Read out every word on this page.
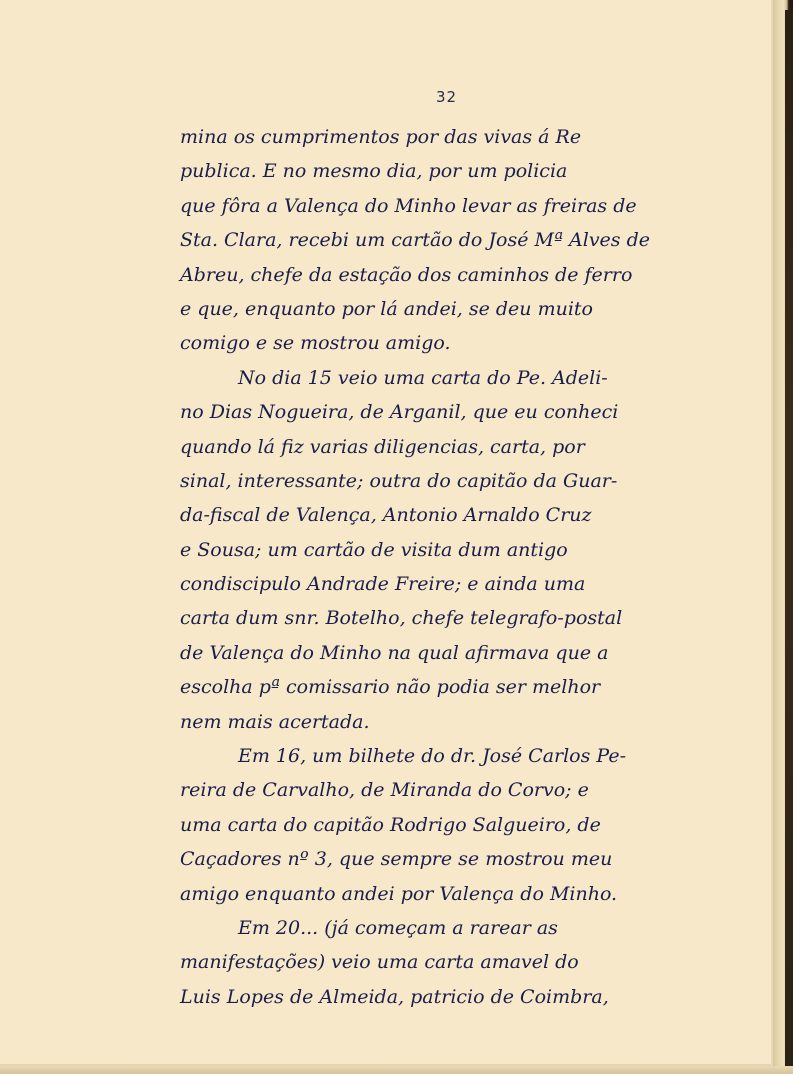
32
mina os cumprimentos por das vivas á Re
publica. E no mesmo dia, por um policia
que fôra a Valença do Minho levar as freiras de
Sta. Clara, recebi um cartão do José Mª Alves de
Abreu, chefe da estação dos caminhos de ferro
e que, enquanto por lá andei, se deu muito
comigo e se mostrou amigo.
No dia 15 veio uma carta do Pe. Adeli-
no Dias Nogueira, de Arganil, que eu conheci
quando lá fiz varias diligencias, carta, por
sinal, interessante; outra do capitão da Guar-
da-fiscal de Valença, Antonio Arnaldo Cruz
e Sousa; um cartão de visita dum antigo
condiscipulo Andrade Freire; e ainda uma
carta dum snr. Botelho, chefe telegrafo-postal
de Valença do Minho na qual afirmava que a
escolha pª comissario não podia ser melhor
nem mais acertada.
Em 16, um bilhete do dr. José Carlos Pe-
reira de Carvalho, de Miranda do Corvo; e
uma carta do capitão Rodrigo Salgueiro, de
Caçadores nº 3, que sempre se mostrou meu
amigo enquanto andei por Valença do Minho.
Em 20... (já começam a rarear as
manifestações) veio uma carta amavel do
Luis Lopes de Almeida, patricio de Coimbra,
